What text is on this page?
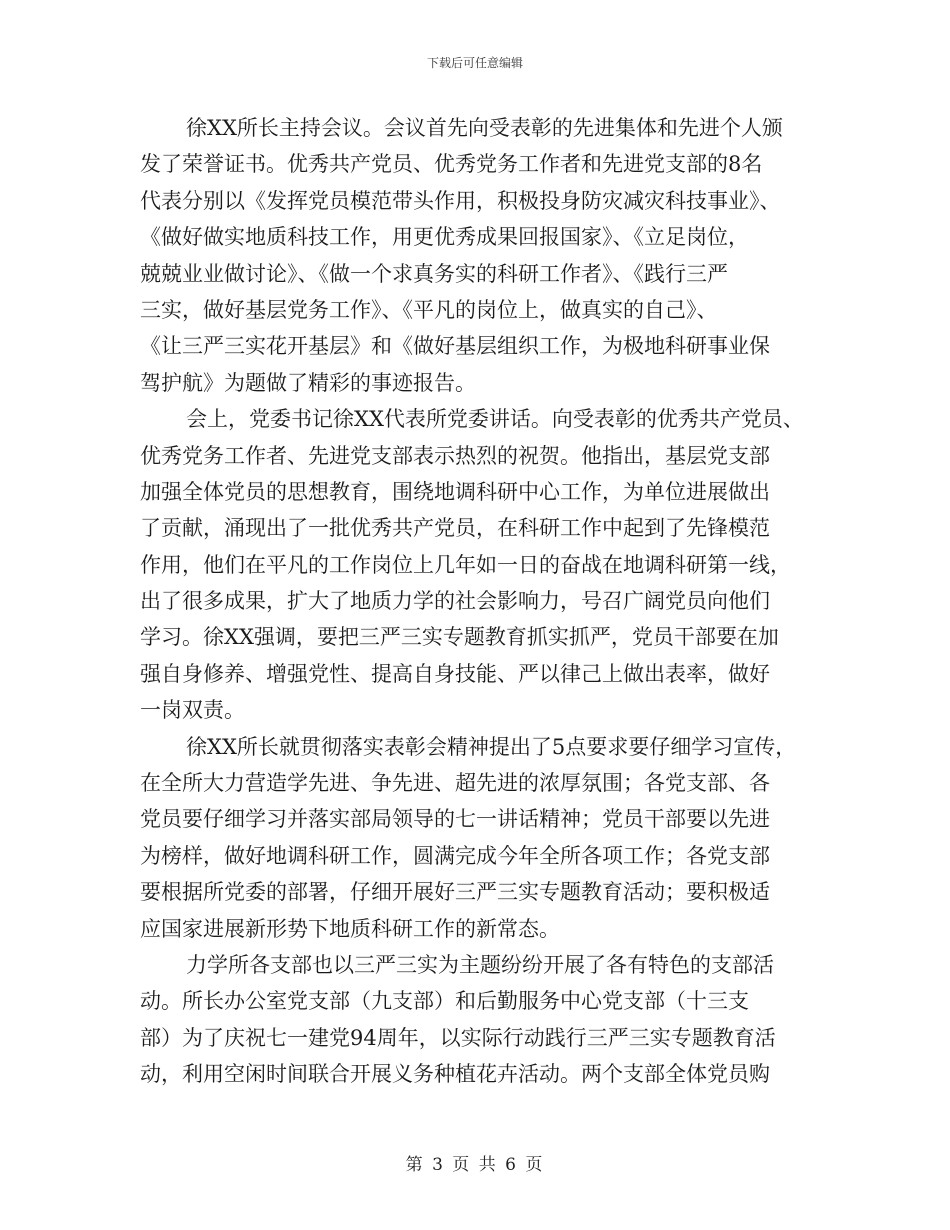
下载后可任意编辑
徐XX所长主持会议。会议首先向受表彰的先进集体和先进个人颁
发了荣誉证书。优秀共产党员、优秀党务工作者和先进党支部的8名
代表分别以《发挥党员模范带头作用，积极投身防灾减灾科技事业》、
《做好做实地质科技工作，用更优秀成果回报国家》、《立足岗位，
兢兢业业做讨论》、《做一个求真务实的科研工作者》、《践行三严
三实，做好基层党务工作》、《平凡的岗位上，做真实的自己》、
《让三严三实花开基层》和《做好基层组织工作，为极地科研事业保
驾护航》为题做了精彩的事迹报告。
会上，党委书记徐XX代表所党委讲话。向受表彰的优秀共产党员、
优秀党务工作者、先进党支部表示热烈的祝贺。他指出，基层党支部
加强全体党员的思想教育，围绕地调科研中心工作，为单位进展做出
了贡献，涌现出了一批优秀共产党员，在科研工作中起到了先锋模范
作用，他们在平凡的工作岗位上几年如一日的奋战在地调科研第一线，
出了很多成果，扩大了地质力学的社会影响力，号召广阔党员向他们
学习。徐XX强调，要把三严三实专题教育抓实抓严，党员干部要在加
强自身修养、增强党性、提高自身技能、严以律己上做出表率，做好
一岗双责。
徐XX所长就贯彻落实表彰会精神提出了5点要求要仔细学习宣传，
在全所大力营造学先进、争先进、超先进的浓厚氛围；各党支部、各
党员要仔细学习并落实部局领导的七一讲话精神；党员干部要以先进
为榜样，做好地调科研工作，圆满完成今年全所各项工作；各党支部
要根据所党委的部署，仔细开展好三严三实专题教育活动；要积极适
应国家进展新形势下地质科研工作的新常态。
力学所各支部也以三严三实为主题纷纷开展了各有特色的支部活
动。所长办公室党支部（九支部）和后勤服务中心党支部（十三支
部）为了庆祝七一建党94周年，以实际行动践行三严三实专题教育活
动，利用空闲时间联合开展义务种植花卉活动。两个支部全体党员购
第 3 页 共 6 页
